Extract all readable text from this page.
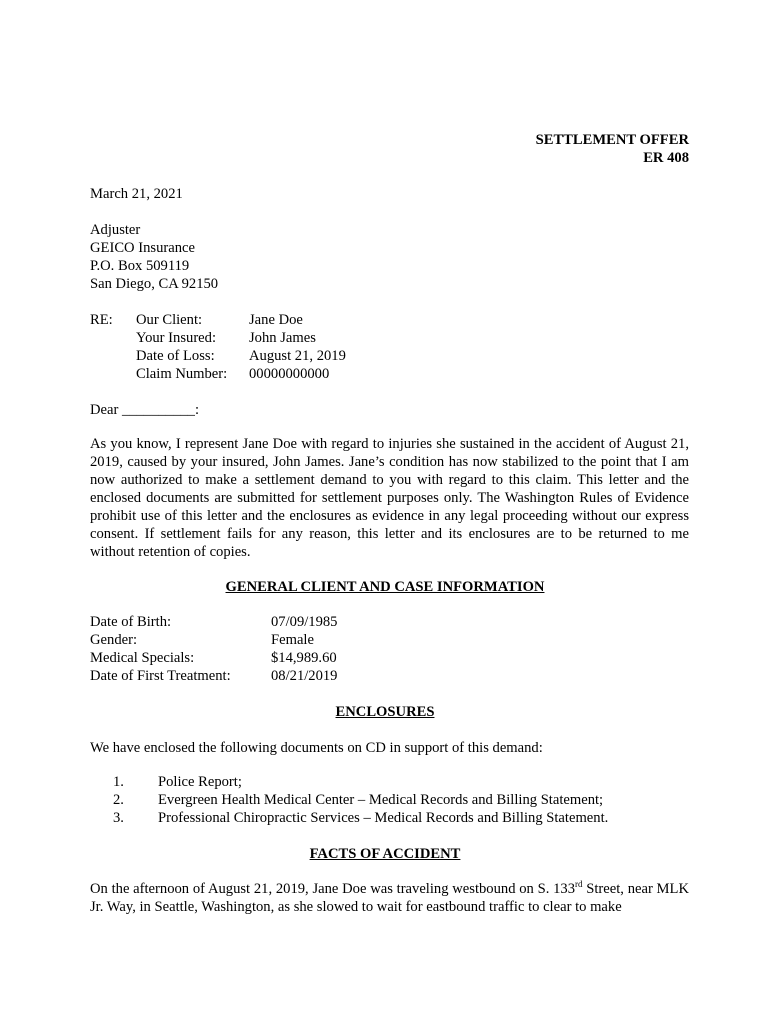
SETTLEMENT OFFER
ER 408
March 21, 2021
Adjuster
GEICO Insurance
P.O. Box 509119
San Diego, CA 92150
RE: Our Client:	Jane Doe
Your Insured: John James
Date of Loss: August 21, 2019
Claim Number: 00000000000
Dear __________:
As you know, I represent Jane Doe with regard to injuries she sustained in the accident of August 21, 2019, caused by your insured, John James. Jane’s condition has now stabilized to the point that I am now authorized to make a settlement demand to you with regard to this claim. This letter and the enclosed documents are submitted for settlement purposes only. The Washington Rules of Evidence prohibit use of this letter and the enclosures as evidence in any legal proceeding without our express consent. If settlement fails for any reason, this letter and its enclosures are to be returned to me without retention of copies.
GENERAL CLIENT AND CASE INFORMATION
Date of Birth:	07/09/1985
Gender:	Female
Medical Specials:	$14,989.60
Date of First Treatment:	08/21/2019
ENCLOSURES
We have enclosed the following documents on CD in support of this demand:
1. Police Report;
2. Evergreen Health Medical Center – Medical Records and Billing Statement;
3. Professional Chiropractic Services – Medical Records and Billing Statement.
FACTS OF ACCIDENT
On the afternoon of August 21, 2019, Jane Doe was traveling westbound on S. 133rd Street, near MLK Jr. Way, in Seattle, Washington, as she slowed to wait for eastbound traffic to clear to make
